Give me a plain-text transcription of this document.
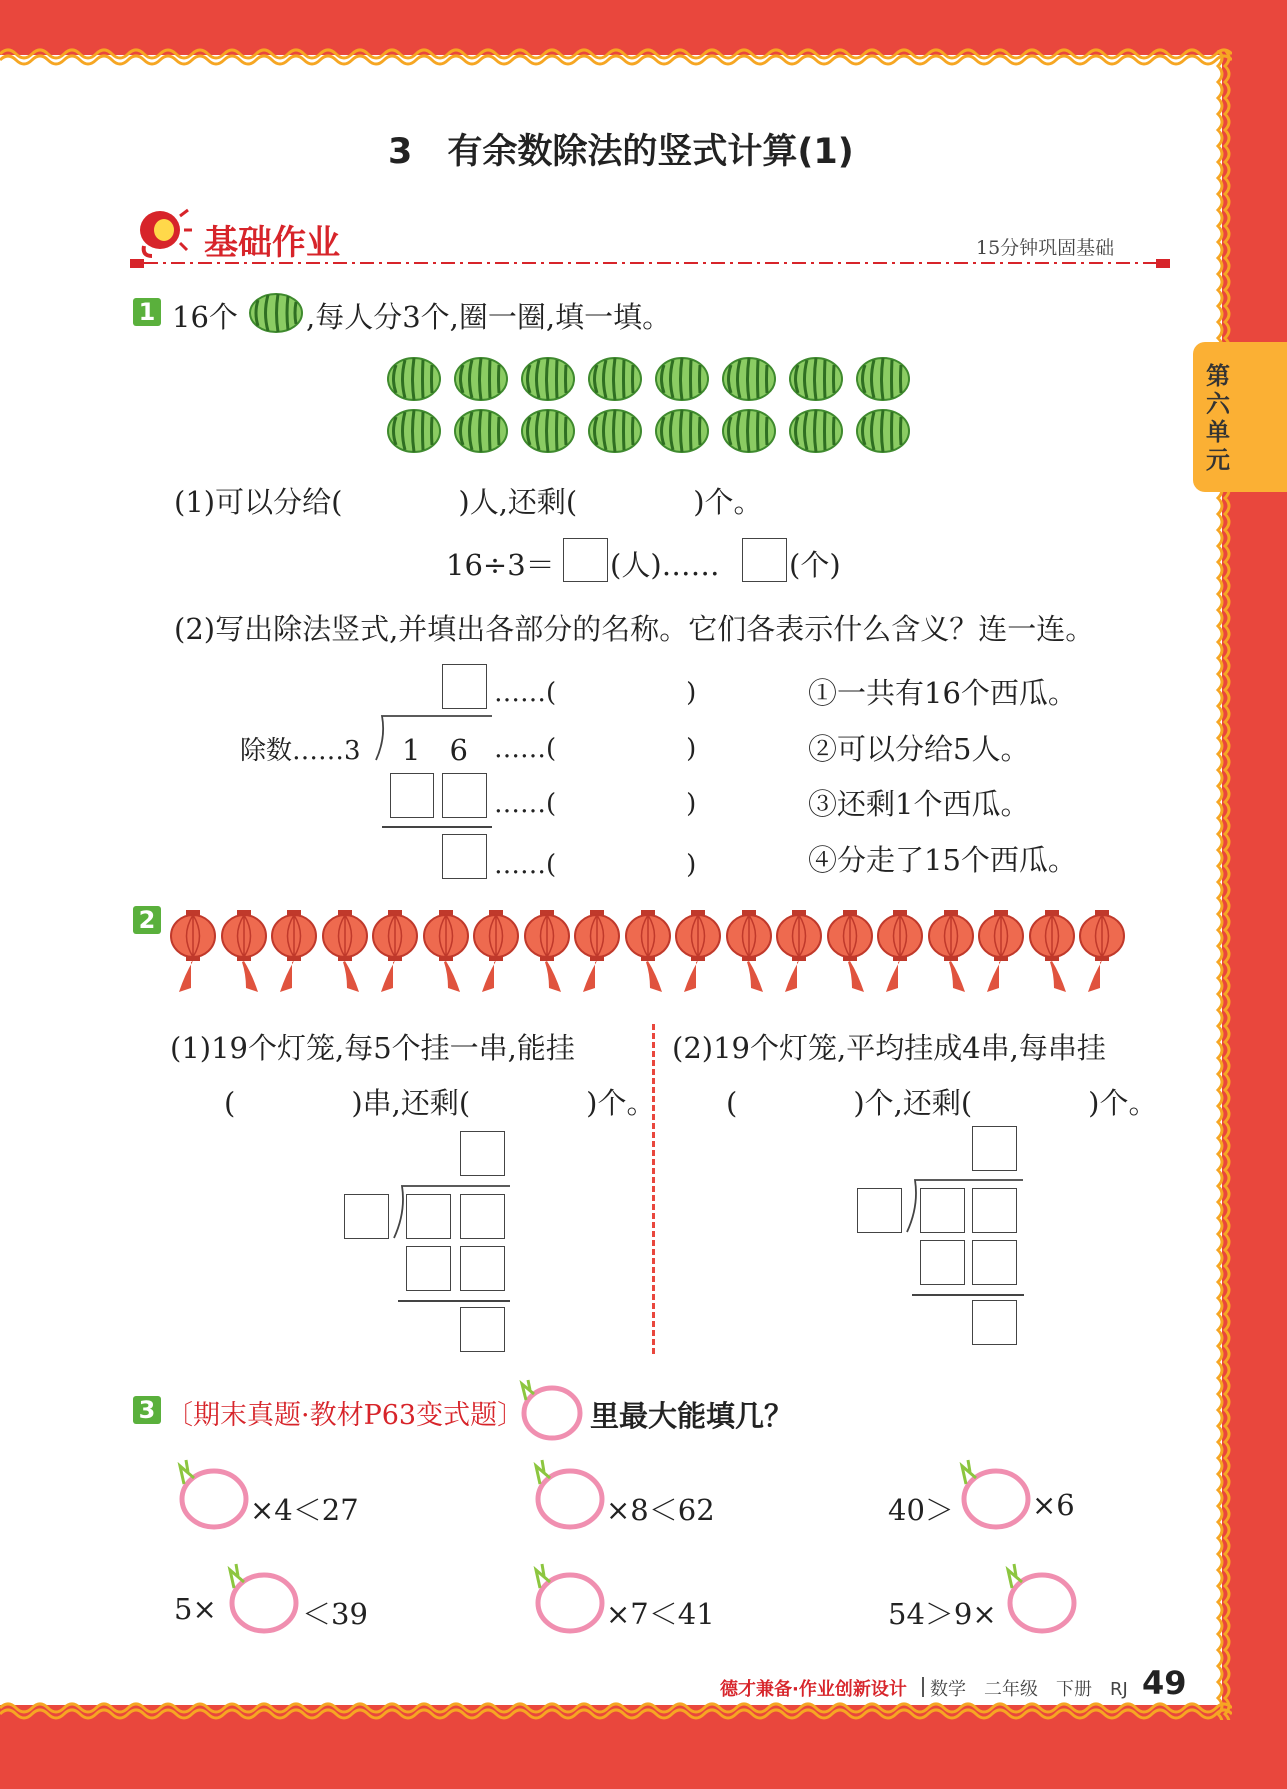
第六单元
3　有余数除法的竖式计算(1)
基础作业	15分钟巩固基础
1 16个 ,每人分3个,圈一圈,填一填。
(1)可以分给(　　　　)人,还剩(　　　　)个。
16÷3＝ (人)…… (个)
(2)写出除法竖式,并填出各部分的名称。它们各表示什么含义？连一连。
除数……3 1　6
……(　　　　　)
……(　　　　　)
……(　　　　　)
……(　　　　　)
①一共有16个西瓜。
②可以分给5人。
③还剩1个西瓜。
④分走了15个西瓜。
2
(1)19个灯笼,每5个挂一串,能挂
(　　　　)串,还剩(　　　　)个。
(2)19个灯笼,平均挂成4串,每串挂
(　　　　)个,还剩(　　　　)个。
3 〔期末真题·教材P63变式题〕 里最大能填几？
×4＜27	×8＜62	40＞	×6
5×	＜39	×7＜41	54＞9×
德才兼备·作业创新设计 数学　二年级　下册　RJ 49
